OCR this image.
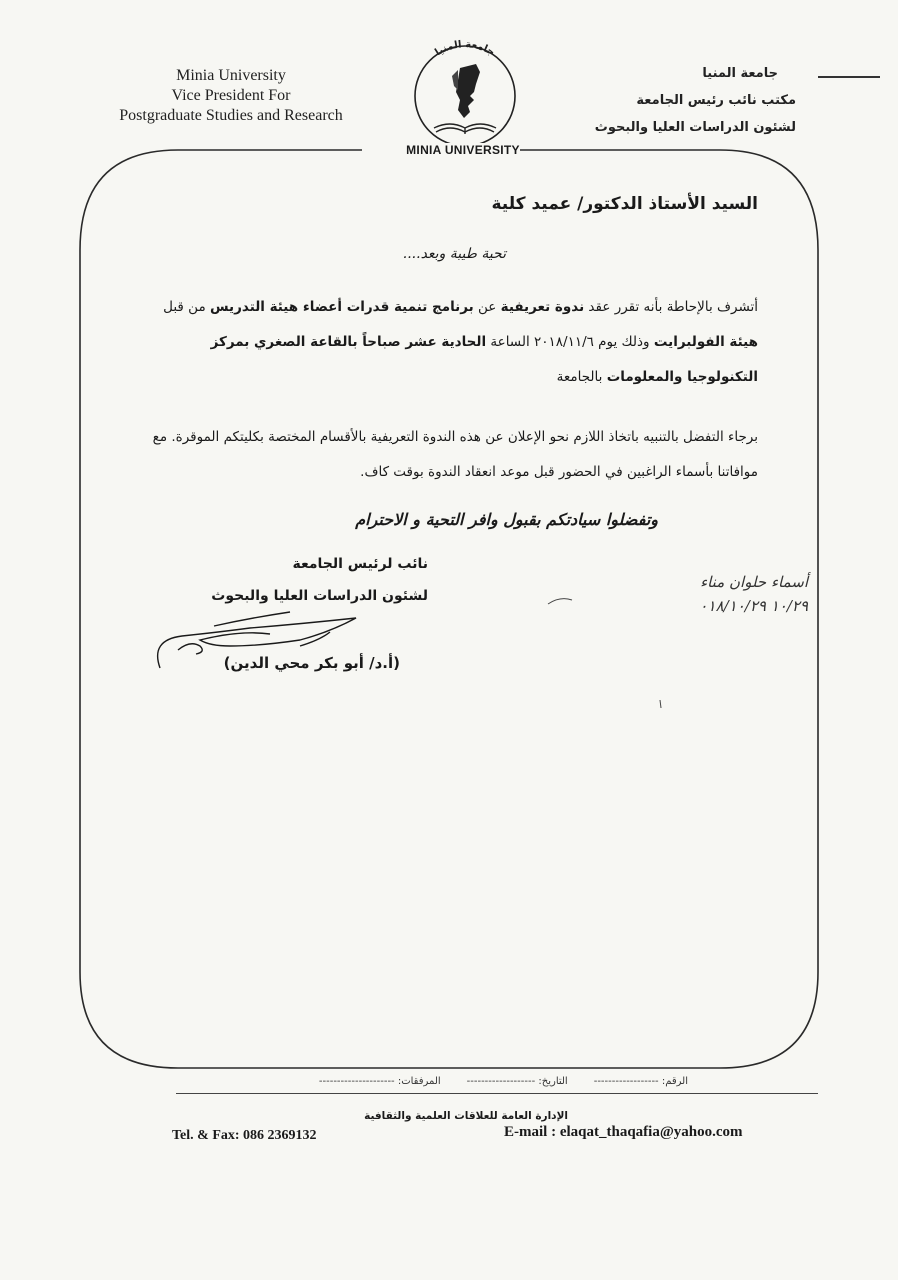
Minia University
Vice President For
Postgraduate Studies and Research
جامعة المنيا
مكتب نائب رئيس الجامعة
لشئون الدراسات العليا والبحوث
جامعة المنيا
MINIA UNIVERSITY
السيد الأستاذ الدكتور/ عميد كلية
تحية طيبة وبعد....
أتشرف بالإحاطة بأنه تقرر عقد ندوة تعريفية عن برنامج تنمية قدرات أعضاء هيئة التدريس من قبل هيئة الفولبرايت وذلك يوم ٢٠١٨/١١/٦ الساعة الحادية عشر صباحاً بالقاعة الصغري بمركز التكنولوجيا والمعلومات بالجامعة
برجاء التفضل بالتنبيه باتخاذ اللازم نحو الإعلان عن هذه الندوة التعريفية بالأقسام المختصة بكليتكم الموقرة. مع موافاتنا بأسماء الراغبين في الحضور قبل موعد انعقاد الندوة بوقت كاف.
وتفضلوا سيادتكم بقبول وافر التحية و الاحترام
نائب لرئيس الجامعة
لشئون الدراسات العليا والبحوث
(أ.د/ أبو بكر محي الدين)
أسماء حلوان مناء
١٠/٢٩ ٠١٨/١٠/٢٩
الرقم: ------------------
التاريخ: -------------------
المرفقات: ---------------------
الإدارة العامة للعلاقات العلمية والثقافية
Tel. & Fax: 086 2369132	E-mail : elaqat_thaqafia@yahoo.com
